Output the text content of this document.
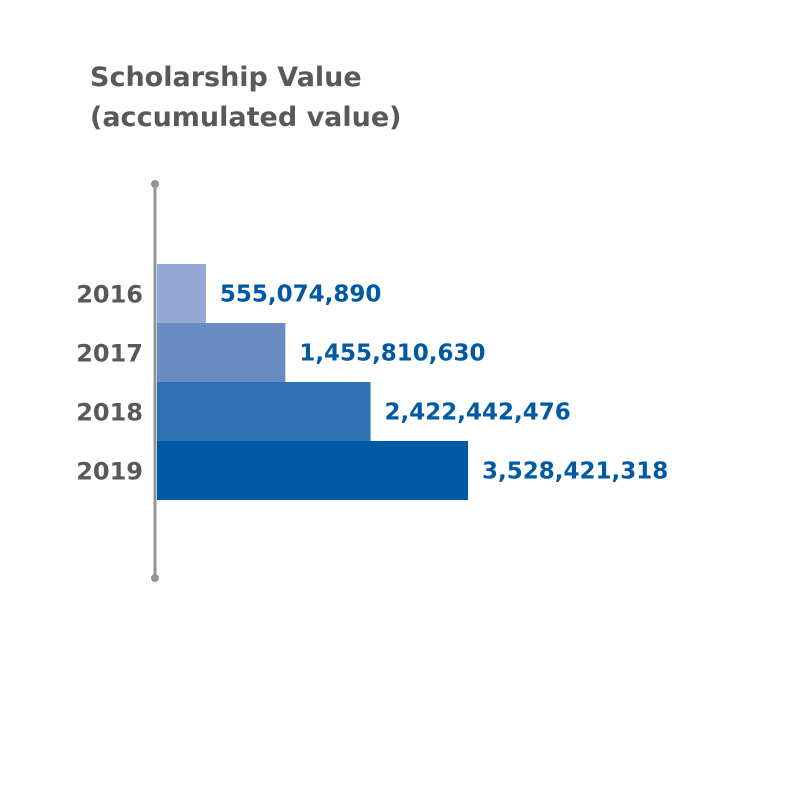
Scholarship Value
(accumulated value)
2016	555,074,890
2017	1,455,810,630
2018	2,422,442,476
2019	3,528,421,318
